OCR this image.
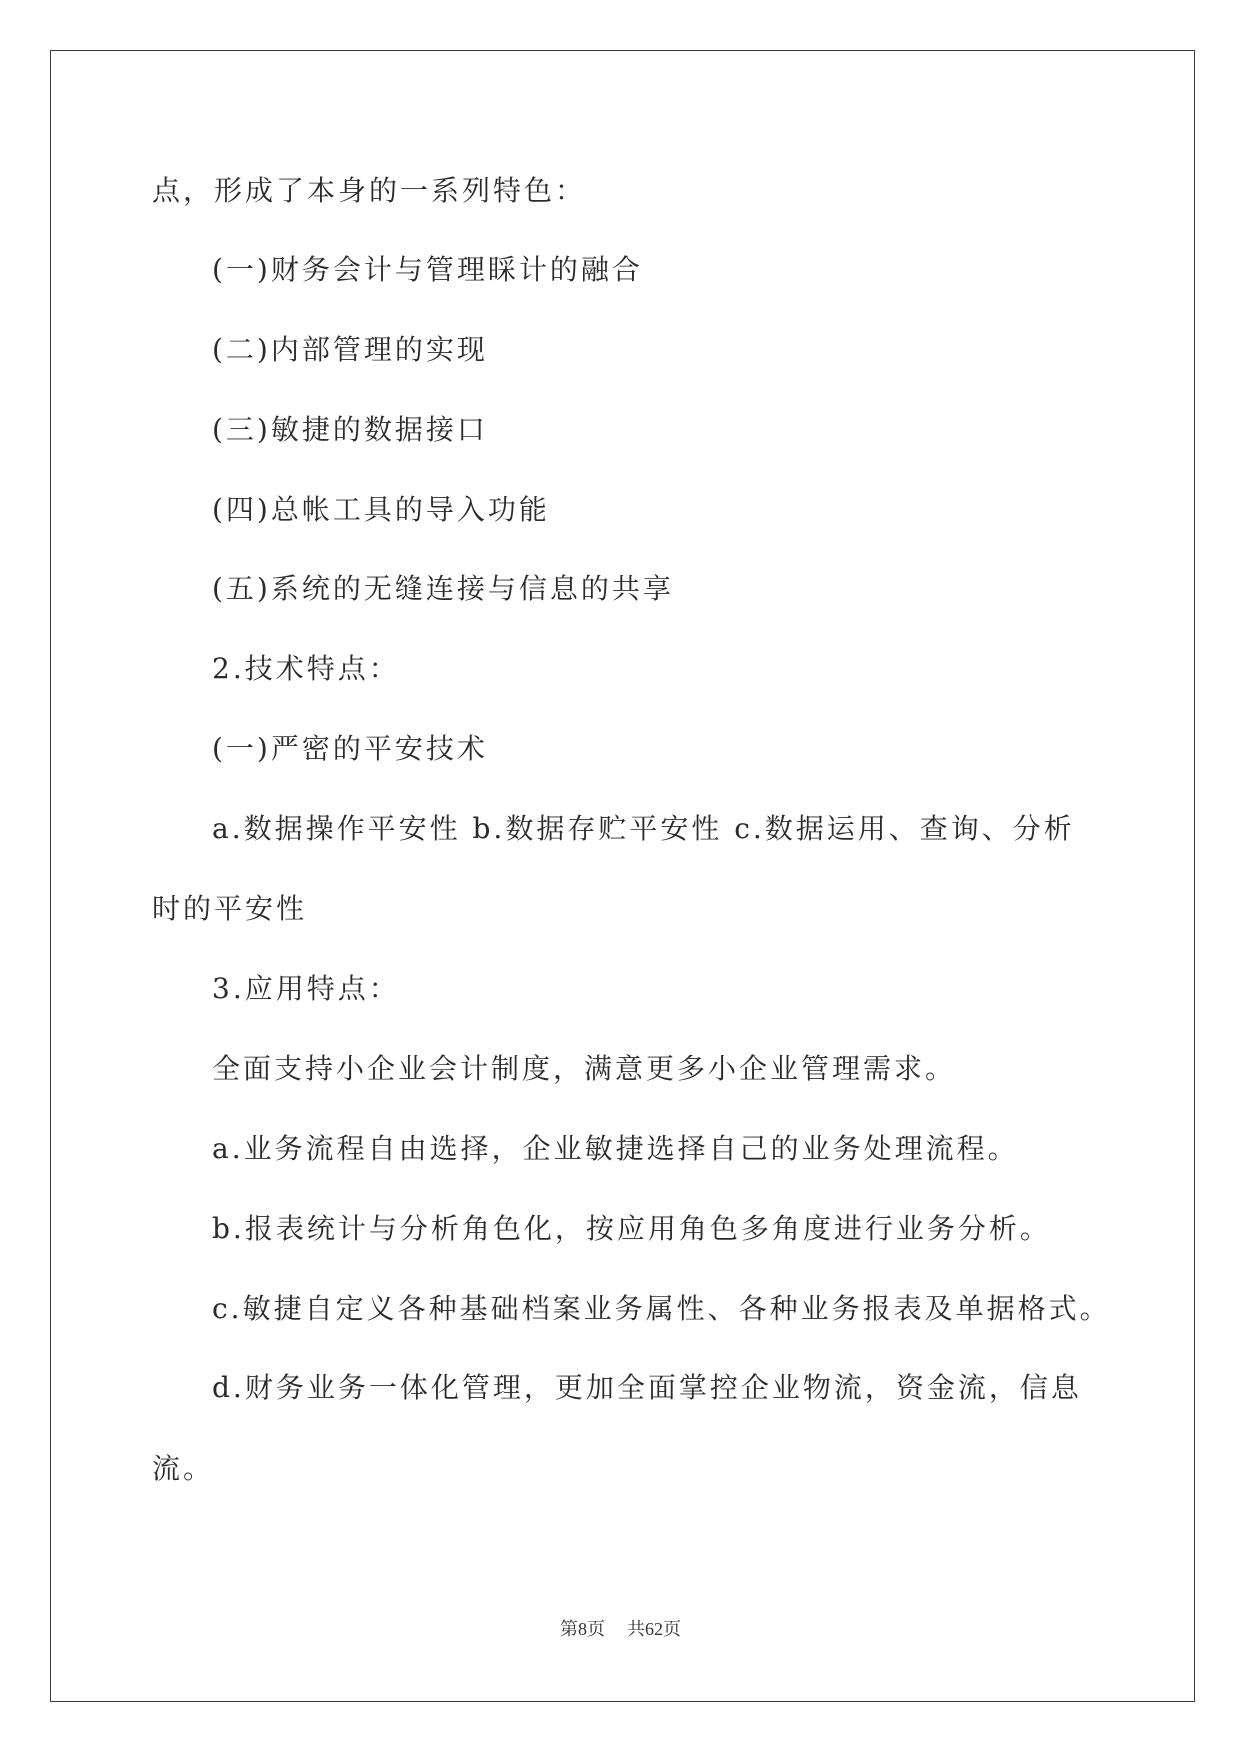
点，形成了本身的一系列特色：
(一)财务会计与管理睬计的融合
(二)内部管理的实现
(三)敏捷的数据接口
(四)总帐工具的导入功能
(五)系统的无缝连接与信息的共享
2.技术特点：
(一)严密的平安技术
a.数据操作平安性 b.数据存贮平安性 c.数据运用、查询、分析
时的平安性
3.应用特点：
全面支持小企业会计制度，满意更多小企业管理需求。
a.业务流程自由选择，企业敏捷选择自己的业务处理流程。
b.报表统计与分析角色化，按应用角色多角度进行业务分析。
c.敏捷自定义各种基础档案业务属性、各种业务报表及单据格式。
d.财务业务一体化管理，更加全面掌控企业物流，资金流，信息
流。
第8页 共62页
